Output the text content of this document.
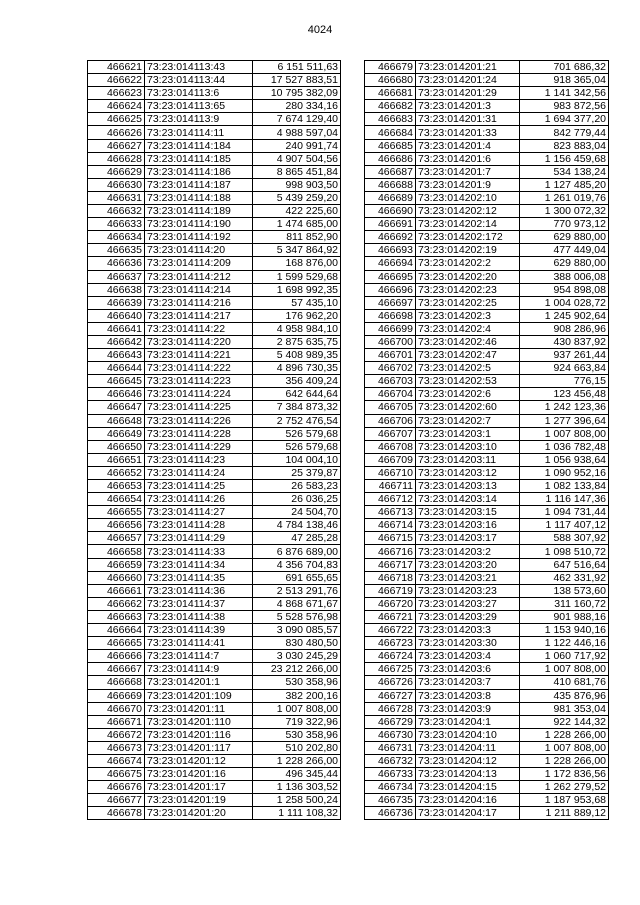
4024
466621	73:23:014113:43	6 151 511,63
466622	73:23:014113:44	17 527 883,51
466623	73:23:014113:6	10 795 382,09
466624	73:23:014113:65	280 334,16
466625	73:23:014113:9	7 674 129,40
466626	73:23:014114:11	4 988 597,04
466627	73:23:014114:184	240 991,74
466628	73:23:014114:185	4 907 504,56
466629	73:23:014114:186	8 865 451,84
466630	73:23:014114:187	998 903,50
466631	73:23:014114:188	5 439 259,20
466632	73:23:014114:189	422 225,60
466633	73:23:014114:190	1 474 685,00
466634	73:23:014114:192	811 852,90
466635	73:23:014114:20	5 347 864,92
466636	73:23:014114:209	168 876,00
466637	73:23:014114:212	1 599 529,68
466638	73:23:014114:214	1 698 992,35
466639	73:23:014114:216	57 435,10
466640	73:23:014114:217	176 962,20
466641	73:23:014114:22	4 958 984,10
466642	73:23:014114:220	2 875 635,75
466643	73:23:014114:221	5 408 989,35
466644	73:23:014114:222	4 896 730,35
466645	73:23:014114:223	356 409,24
466646	73:23:014114:224	642 644,64
466647	73:23:014114:225	7 384 873,32
466648	73:23:014114:226	2 752 476,54
466649	73:23:014114:228	526 579,68
466650	73:23:014114:229	526 579,68
466651	73:23:014114:23	104 004,10
466652	73:23:014114:24	25 379,87
466653	73:23:014114:25	26 583,23
466654	73:23:014114:26	26 036,25
466655	73:23:014114:27	24 504,70
466656	73:23:014114:28	4 784 138,46
466657	73:23:014114:29	47 285,28
466658	73:23:014114:33	6 876 689,00
466659	73:23:014114:34	4 356 704,83
466660	73:23:014114:35	691 655,65
466661	73:23:014114:36	2 513 291,76
466662	73:23:014114:37	4 868 671,67
466663	73:23:014114:38	5 528 576,98
466664	73:23:014114:39	3 090 085,57
466665	73:23:014114:41	830 480,50
466666	73:23:014114:7	3 030 245,29
466667	73:23:014114:9	23 212 266,00
466668	73:23:014201:1	530 358,96
466669	73:23:014201:109	382 200,16
466670	73:23:014201:11	1 007 808,00
466671	73:23:014201:110	719 322,96
466672	73:23:014201:116	530 358,96
466673	73:23:014201:117	510 202,80
466674	73:23:014201:12	1 228 266,00
466675	73:23:014201:16	496 345,44
466676	73:23:014201:17	1 136 303,52
466677	73:23:014201:19	1 258 500,24
466678	73:23:014201:20	1 111 108,32
466679	73:23:014201:21	701 686,32
466680	73:23:014201:24	918 365,04
466681	73:23:014201:29	1 141 342,56
466682	73:23:014201:3	983 872,56
466683	73:23:014201:31	1 694 377,20
466684	73:23:014201:33	842 779,44
466685	73:23:014201:4	823 883,04
466686	73:23:014201:6	1 156 459,68
466687	73:23:014201:7	534 138,24
466688	73:23:014201:9	1 127 485,20
466689	73:23:014202:10	1 261 019,76
466690	73:23:014202:12	1 300 072,32
466691	73:23:014202:14	770 973,12
466692	73:23:014202:172	629 880,00
466693	73:23:014202:19	477 449,04
466694	73:23:014202:2	629 880,00
466695	73:23:014202:20	388 006,08
466696	73:23:014202:23	954 898,08
466697	73:23:014202:25	1 004 028,72
466698	73:23:014202:3	1 245 902,64
466699	73:23:014202:4	908 286,96
466700	73:23:014202:46	430 837,92
466701	73:23:014202:47	937 261,44
466702	73:23:014202:5	924 663,84
466703	73:23:014202:53	776,15
466704	73:23:014202:6	123 456,48
466705	73:23:014202:60	1 242 123,36
466706	73:23:014202:7	1 277 396,64
466707	73:23:014203:1	1 007 808,00
466708	73:23:014203:10	1 036 782,48
466709	73:23:014203:11	1 056 938,64
466710	73:23:014203:12	1 090 952,16
466711	73:23:014203:13	1 082 133,84
466712	73:23:014203:14	1 116 147,36
466713	73:23:014203:15	1 094 731,44
466714	73:23:014203:16	1 117 407,12
466715	73:23:014203:17	588 307,92
466716	73:23:014203:2	1 098 510,72
466717	73:23:014203:20	647 516,64
466718	73:23:014203:21	462 331,92
466719	73:23:014203:23	138 573,60
466720	73:23:014203:27	311 160,72
466721	73:23:014203:29	901 988,16
466722	73:23:014203:3	1 153 940,16
466723	73:23:014203:30	1 122 446,16
466724	73:23:014203:4	1 060 717,92
466725	73:23:014203:6	1 007 808,00
466726	73:23:014203:7	410 681,76
466727	73:23:014203:8	435 876,96
466728	73:23:014203:9	981 353,04
466729	73:23:014204:1	922 144,32
466730	73:23:014204:10	1 228 266,00
466731	73:23:014204:11	1 007 808,00
466732	73:23:014204:12	1 228 266,00
466733	73:23:014204:13	1 172 836,56
466734	73:23:014204:15	1 262 279,52
466735	73:23:014204:16	1 187 953,68
466736	73:23:014204:17	1 211 889,12
